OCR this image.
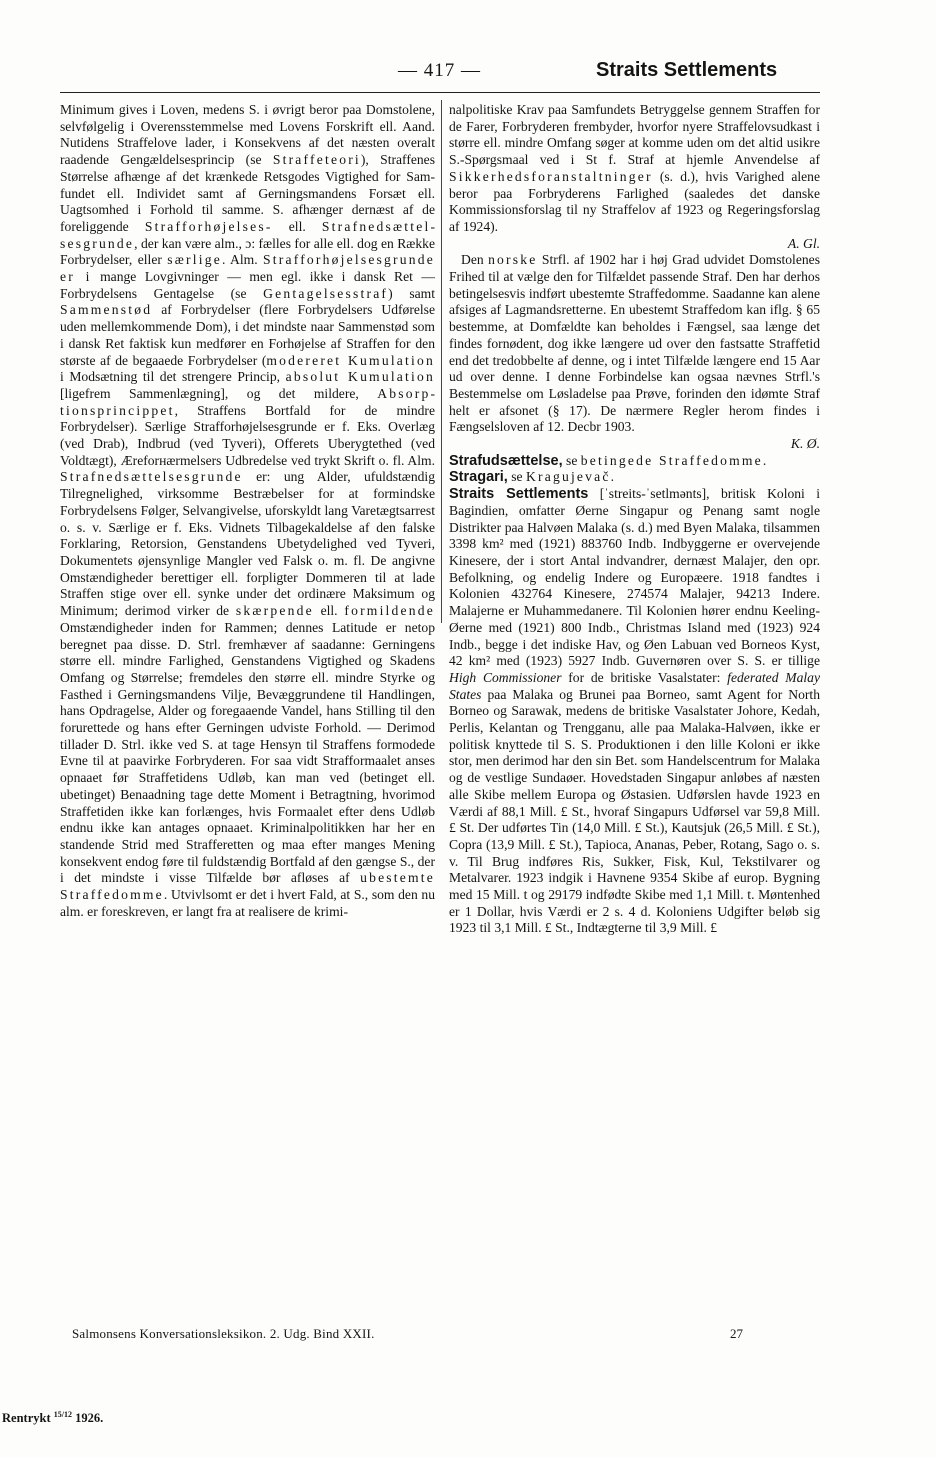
— 417 —	Straits Settlements

Minimum gives i Loven, medens S. i øvrigt beror paa Domstolene, selvfølgelig i Overensstemmelse med Lovens Forskrift ell. Aand. Nutidens Straffelove lader, i Konsekvens af det næsten overalt raadende Gengældelsesprincip (se Straffeteori), Straffenes Størrelse afhænge af det krænkede Retsgodes Vigtighed for Samfundet ell. Individet samt af Gerningsmandens Forsæt ell. Uagtsomhed i Forhold til samme. S. afhænger dernæst af de foreliggende Strafforhøjelses- ell. Strafnedsættelsesgrunde, der kan være alm., ɔ: fælles for alle ell. dog en Række Forbrydelser, eller særlige. Alm. Strafforhøjelsesgrunde er i mange Lovgivninger — men egl. ikke i dansk Ret — Forbrydelsens Gentagelse (se Gentagelsesstraf) samt Sammenstød af Forbrydelser (flere Forbrydelsers Udførelse uden mellemkommende Dom), i det mindste naar Sammenstød som i dansk Ret faktisk kun medfører en Forhøjelse af Straffen for den største af de begaaede Forbrydelser (modereret Kumulation i Modsætning til det strengere Princip, absolut Kumulation [ligefrem Sammenlægning], og det mildere, Absorptionsprincippet, Straffens Bortfald for de mindre Forbrydelser). Særlige Strafforhøjelsesgrunde er f. Eks. Overlæg (ved Drab), Indbrud (ved Tyveri), Offerets Uberygtethed (ved Voldtægt), Æreforнærmelsers Udbredelse ved trykt Skrift o. fl. Alm. Strafnedsættelsesgrunde er: ung Alder, ufuldstændig Tilregnelighed, virksomme Bestræbelser for at formindske Forbrydelsens Følger, Selvangivelse, uforskyldt lang Varetægtsarrest o. s. v. Særlige er f. Eks. Vidnets Tilbagekaldelse af den falske Forklaring, Retorsion, Genstandens Ubetydelighed ved Tyveri, Dokumentets øjensynlige Mangler ved Falsk o. m. fl. De angivne Omstændigheder berettiger ell. forpligter Dommeren til at lade Straffen stige over ell. synke under det ordinære Maksimum og Minimum; derimod virker de skærpende ell. formildende Omstændigheder inden for Rammen; dennes Latitude er netop beregnet paa disse. D. Strl. fremhæver af saadanne: Gerningens større ell. mindre Farlighed, Genstandens Vigtighed og Skadens Omfang og Størrelse; fremdeles den større ell. mindre Styrke og Fasthed i Gerningsmandens Vilje, Bevæggrundene til Handlingen, hans Opdragelse, Alder og foregaaende Vandel, hans Stilling til den forurettede og hans efter Gerningen udviste Forhold. — Derimod tillader D. Strl. ikke ved S. at tage Hensyn til Straffens formodede Evne til at paavirke Forbryderen. For saa vidt Strafformaalet anses opnaaet før Straffetidens Udløb, kan man ved (betinget ell. ubetinget) Benaadning tage dette Moment i Betragtning, hvorimod Straffetiden ikke kan forlænges, hvis Formaalet efter dens Udløb endnu ikke kan antages opnaaet. Kriminalpolitikken har her en standende Strid med Strafferetten og maa efter manges Mening konsekvent endog føre til fuldstændig Bortfald af den gængse S., der i det mindste i visse Tilfælde bør afløses af ubestemte Straffedomme. Utvivlsomt er det i hvert Fald, at S., som den nu alm. er foreskreven, er langt fra at realisere de krimi-

nalpolitiske Krav paa Samfundets Betryggelse gennem Straffen for de Farer, Forbryderen frembyder, hvorfor nyere Straffelovsudkast i større ell. mindre Omfang søger at komme uden om det altid usikre S.-Spørgsmaal ved i St f. Straf at hjemle Anvendelse af Sikkerhedsforanstaltninger (s. d.), hvis Varighed alene beror paa Forbryderens Farlighed (saaledes det danske Kommissionsforslag til ny Straffelov af 1923 og Regeringsforslag af 1924).
A. Gl.

Den norske Strfl. af 1902 har i høj Grad udvidet Domstolenes Frihed til at vælge den for Tilfældet passende Straf. Den har derhos betingelsesvis indført ubestemte Straffedomme. Saadanne kan alene afsiges af Lagmandsretterne. En ubestemt Straffedom kan iflg. § 65 bestemme, at Domfældte kan beholdes i Fængsel, saa længe det findes fornødent, dog ikke længere ud over den fastsatte Straffetid end det tredobbelte af denne, og i intet Tilfælde længere end 15 Aar ud over denne. I denne Forbindelse kan ogsaa nævnes Strfl.'s Bestemmelse om Løsladelse paa Prøve, forinden den idømte Straf helt er afsonet (§ 17). De nærmere Regler herom findes i Fængselsloven af 12. Decbr 1903.
K. Ø.

Strafudsættelse, se betingede Straffedomme.

Stragari, se Kragujevač.

Straits Settlements [ˈstreits-ˈsetlmənts], britisk Koloni i Bagindien, omfatter Øerne Singapur og Penang samt nogle Distrikter paa Halvøen Malaka (s. d.) med Byen Malaka, tilsammen 3398 km² med (1921) 883760 Indb. Indbyggerne er overvejende Kinesere, der i stort Antal indvandrer, dernæst Malajer, den opr. Befolkning, og endelig Indere og Europæere. 1918 fandtes i Kolonien 432764 Kinesere, 274574 Malajer, 94213 Indere. Malajerne er Muhammedanere. Til Kolonien hører endnu Keeling-Øerne med (1921) 800 Indb., Christmas Island med (1923) 924 Indb., begge i det indiske Hav, og Øen Labuan ved Borneos Kyst, 42 km² med (1923) 5927 Indb. Guvernøren over S. S. er tillige High Commissioner for de britiske Vasalstater: federated Malay States paa Malaka og Brunei paa Borneo, samt Agent for North Borneo og Sarawak, medens de britiske Vasalstater Johore, Kedah, Perlis, Kelantan og Trengganu, alle paa Malaka-Halvøen, ikke er politisk knyttede til S. S. Produktionen i den lille Koloni er ikke stor, men derimod har den sin Bet. som Handelscentrum for Malaka og de vestlige Sundaøer. Hovedstaden Singapur anløbes af næsten alle Skibe mellem Europa og Østasien. Udførslen havde 1923 en Værdi af 88,1 Mill. £ St., hvoraf Singapurs Udførsel var 59,8 Mill. £ St. Der udførtes Tin (14,0 Mill. £ St.), Kautsjuk (26,5 Mill. £ St.), Copra (13,9 Mill. £ St.), Tapioca, Ananas, Peber, Rotang, Sago o. s. v. Til Brug indføres Ris, Sukker, Fisk, Kul, Tekstilvarer og Metalvarer. 1923 indgik i Havnene 9354 Skibe af europ. Bygning med 15 Mill. t og 29179 indfødte Skibe med 1,1 Mill. t. Møntenhed er 1 Dollar, hvis Værdi er 2 s. 4 d. Koloniens Udgifter beløb sig 1923 til 3,1 Mill. £ St., Indtægterne til 3,9 Mill. £

Salmonsens Konversationsleksikon. 2. Udg. Bind XXII.	27
Rentrykt $^{15/12}$ 1926.
